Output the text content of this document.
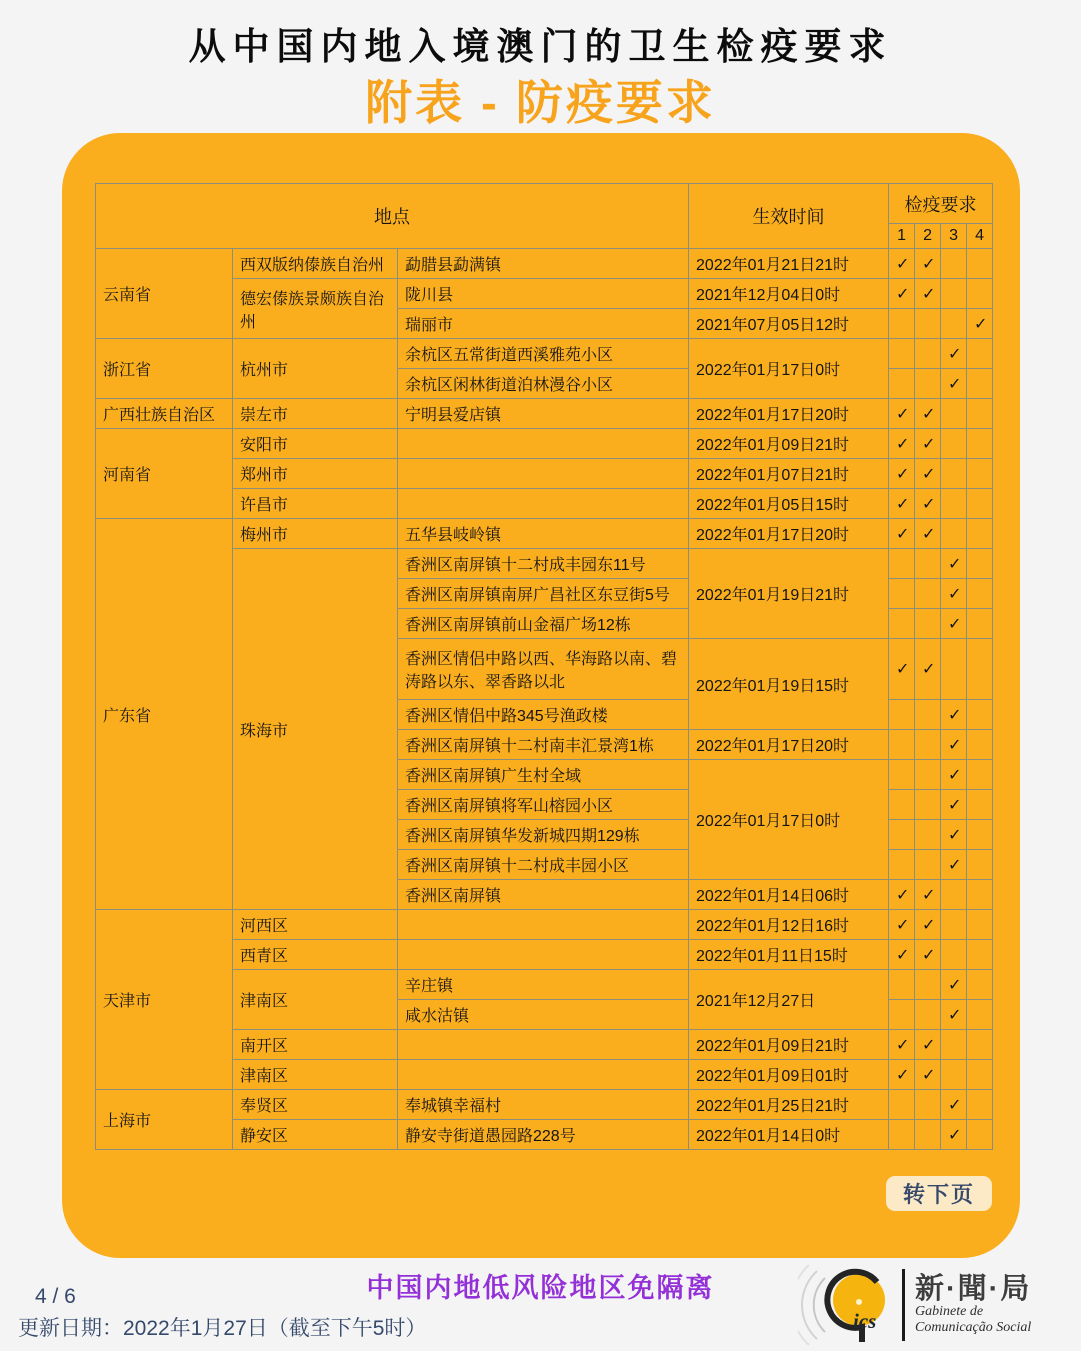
从中国内地入境澳门的卫生检疫要求
附表 - 防疫要求
地点			生效时间	检疫要求			
				1	2	3	4
云南省	西双版纳傣族自治州	勐腊县勐满镇	2022年01月21日21时	✓	✓		
	德宏傣族景颇族自治州	陇川县	2021年12月04日0时	✓	✓		
		瑞丽市	2021年07月05日12时				✓
浙江省	杭州市	余杭区五常街道西溪雅苑小区	2022年01月17日0时			✓	
		余杭区闲林街道泊林漫谷小区				✓	
广西壮族自治区	崇左市	宁明县爱店镇	2022年01月17日20时	✓	✓		
河南省	安阳市		2022年01月09日21时	✓	✓		
	郑州市		2022年01月07日21时	✓	✓		
	许昌市		2022年01月05日15时	✓	✓		
广东省	梅州市	五华县岐岭镇	2022年01月17日20时	✓	✓		
	珠海市	香洲区南屏镇十二村成丰园东11号	2022年01月19日21时			✓	
		香洲区南屏镇南屏广昌社区东豆街5号				✓	
		香洲区南屏镇前山金福广场12栋				✓	
		香洲区情侣中路以西、华海路以南、碧涛路以东、翠香路以北	2022年01月19日15时	✓	✓		
		香洲区情侣中路345号渔政楼				✓	
		香洲区南屏镇十二村南丰汇景湾1栋	2022年01月17日20时			✓	
		香洲区南屏镇广生村全域	2022年01月17日0时			✓	
		香洲区南屏镇将军山榕园小区				✓	
		香洲区南屏镇华发新城四期129栋				✓	
		香洲区南屏镇十二村成丰园小区				✓	
		香洲区南屏镇	2022年01月14日06时	✓	✓		
天津市	河西区		2022年01月12日16时	✓	✓		
	西青区		2022年01月11日15时	✓	✓		
	津南区	辛庄镇	2021年12月27日			✓	
		咸水沽镇				✓	
	南开区		2022年01月09日21时	✓	✓		
	津南区		2022年01月09日01时	✓	✓		
上海市	奉贤区	奉城镇幸福村	2022年01月25日21时			✓	
	静安区	静安寺街道愚园路228号	2022年01月14日0时			✓	
转下页
中国内地低风险地区免隔离
4 / 6
更新日期：2022年1月27日（截至下午5时）	ics
新·聞·局
Gabinete de
Comunicação Social
